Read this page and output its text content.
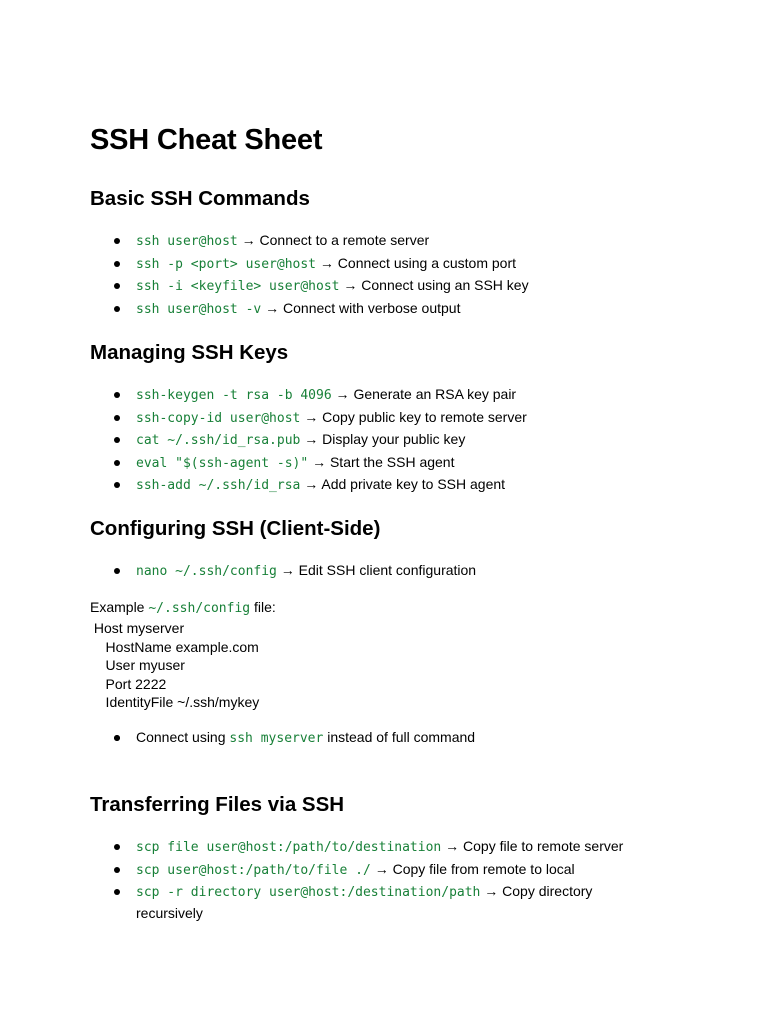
SSH Cheat Sheet
Basic SSH Commands
ssh user@host → Connect to a remote server
ssh -p <port> user@host → Connect using a custom port
ssh -i <keyfile> user@host → Connect using an SSH key
ssh user@host -v → Connect with verbose output
Managing SSH Keys
ssh-keygen -t rsa -b 4096 → Generate an RSA key pair
ssh-copy-id user@host → Copy public key to remote server
cat ~/.ssh/id_rsa.pub → Display your public key
eval "$(ssh-agent -s)" → Start the SSH agent
ssh-add ~/.ssh/id_rsa → Add private key to SSH agent
Configuring SSH (Client-Side)
nano ~/.ssh/config → Edit SSH client configuration
Example ~/.ssh/config file:
Host myserver
HostName example.com
User myuser
Port 2222
IdentityFile ~/.ssh/mykey
Connect using ssh myserver instead of full command
Transferring Files via SSH
scp file user@host:/path/to/destination → Copy file to remote server
scp user@host:/path/to/file ./ → Copy file from remote to local
scp -r directory user@host:/destination/path → Copy directory recursively
